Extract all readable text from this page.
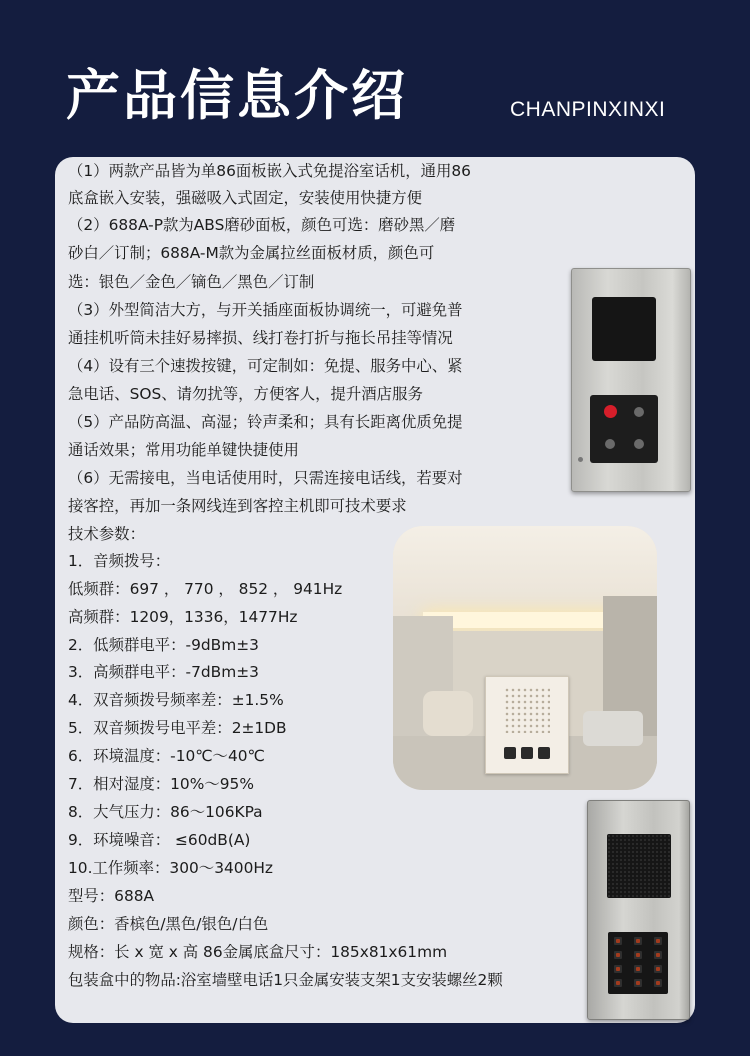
产品信息介绍	CHANPINXINXI
（1）两款产品皆为单86面板嵌入式免提浴室话机，通用86
底盒嵌入安装，强磁吸入式固定，安装使用快捷方便
（2）688A-P款为ABS磨砂面板，颜色可选：磨砂黑／磨
砂白／订制；688A-M款为金属拉丝面板材质，颜色可
选：银色／金色／镝色／黑色／订制
（3）外型简洁大方，与开关插座面板协调统一，可避免普
通挂机听筒未挂好易摔损、线打卷打折与拖长吊挂等情况
（4）设有三个速拨按键，可定制如：免提、服务中心、紧
急电话、SOS、请勿扰等，方便客人，提升酒店服务
（5）产品防高温、高湿；铃声柔和；具有长距离优质免提
通话效果；常用功能单键快捷使用
（6）无需接电，当电话使用时，只需连接电话线，若要对
接客控，再加一条网线连到客控主机即可技术要求
技术参数：
1．音频拨号：
低频群：697 ， 770 ， 852 ， 941Hz
高频群：1209，1336，1477Hz
2．低频群电平：-9dBm±3
3．高频群电平：-7dBm±3
4．双音频拨号频率差：±1.5%
5．双音频拨号电平差：2±1DB
6．环境温度：-10℃～40℃
7．相对湿度：10%～95%
8．大气压力：86～106KPa
9．环境噪音： ≤60dB(A)
10.工作频率：300～3400Hz
型号：688A
颜色：香槟色/黑色/银色/白色
规格：长 x 宽 x 高 86金属底盒尺寸：185x81x61mm
包装盒中的物品:浴室墙壁电话1只金属安装支架1支安装螺丝2颗
